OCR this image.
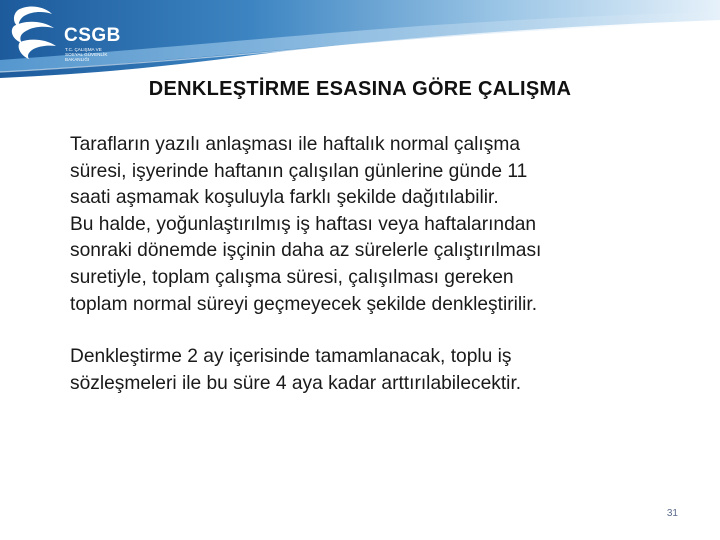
CSGB
T.C. ÇALIŞMA VE
SOSYAL GÜVENLİK
BAKANLIĞI
DENKLEŞTİRME ESASINA GÖRE ÇALIŞMA

Tarafların yazılı anlaşması ile haftalık normal çalışma

süresi, işyerinde haftanın çalışılan günlerine günde 11

saati aşmamak koşuluyla farklı şekilde dağıtılabilir.

Bu halde, yoğunlaştırılmış iş haftası veya haftalarından

sonraki dönemde işçinin daha az sürelerle çalıştırılması

suretiyle, toplam çalışma süresi, çalışılması gereken

toplam normal süreyi geçmeyecek şekilde denkleştirilir.

Denkleştirme 2 ay içerisinde tamamlanacak, toplu iş

sözleşmeleri ile bu süre 4 aya kadar arttırılabilecektir.

31
